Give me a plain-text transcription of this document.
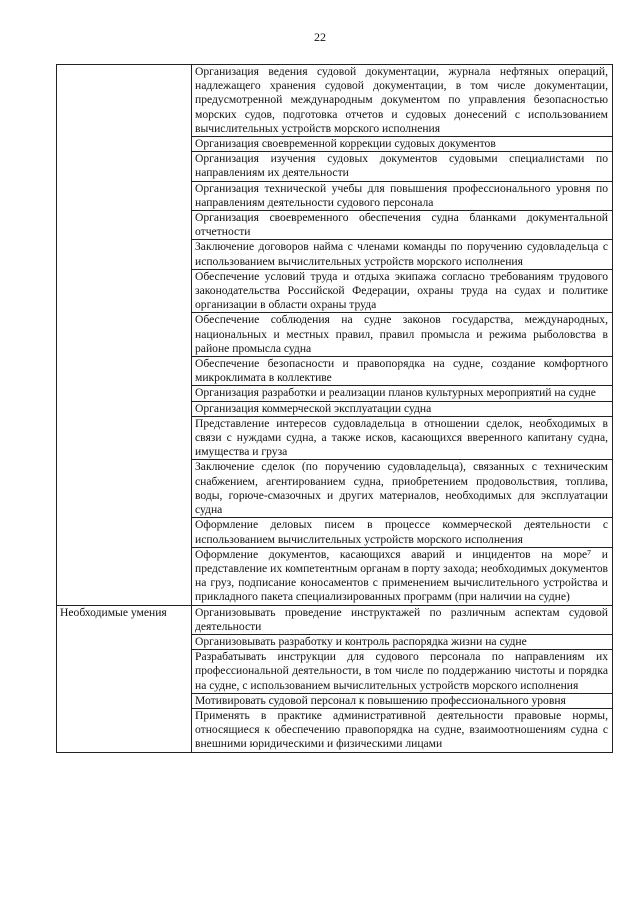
22
	Организация ведения судовой документации, журнала нефтяных операций, надлежащего хранения судовой документации, в том числе документации, предусмотренной международным документом по управления безопасностью морских судов, подготовка отчетов и судовых донесений с использованием вычислительных устройств морского исполнения
	Организация своевременной коррекции судовых документов
	Организация изучения судовых документов судовыми специалистами по направлениям их деятельности
	Организация технической учебы для повышения профессионального уровня по направлениям деятельности судового персонала
	Организация своевременного обеспечения судна бланками документальной отчетности
	Заключение договоров найма с членами команды по поручению судовладельца с использованием вычислительных устройств морского исполнения
	Обеспечение условий труда и отдыха экипажа согласно требованиям трудового законодательства Российской Федерации, охраны труда на судах и политике организации в области охраны труда
	Обеспечение соблюдения на судне законов государства, международных, национальных и местных правил, правил промысла и режима рыболовства в районе промысла судна
	Обеспечение безопасности и правопорядка на судне, создание комфортного микроклимата в коллективе
	Организация разработки и реализации планов культурных мероприятий на судне
	Организация коммерческой эксплуатации судна
	Представление интересов судовладельца в отношении сделок, необходимых в связи с нуждами судна, а также исков, касающихся вверенного капитану судна, имущества и груза
	Заключение сделок (по поручению судовладельца), связанных с техническим снабжением, агентированием судна, приобретением продовольствия, топлива, воды, горюче-смазочных и других материалов, необходимых для эксплуатации судна
	Оформление деловых писем в процессе коммерческой деятельности с использованием вычислительных устройств морского исполнения
	Оформление документов, касающихся аварий и инцидентов на море⁷ и представление их компетентным органам в порту захода; необходимых документов на груз, подписание коносаментов с применением вычислительного устройства и прикладного пакета специализированных программ (при наличии на судне)
Необходимые умения	Организовывать проведение инструктажей по различным аспектам судовой деятельности
	Организовывать разработку и контроль распорядка жизни на судне
	Разрабатывать инструкции для судового персонала по направлениям их профессиональной деятельности, в том числе по поддержанию чистоты и порядка на судне, с использованием вычислительных устройств морского исполнения
	Мотивировать судовой персонал к повышению профессионального уровня
	Применять в практике административной деятельности правовые нормы, относящиеся к обеспечению правопорядка на судне, взаимоотношениям судна с внешними юридическими и физическими лицами
